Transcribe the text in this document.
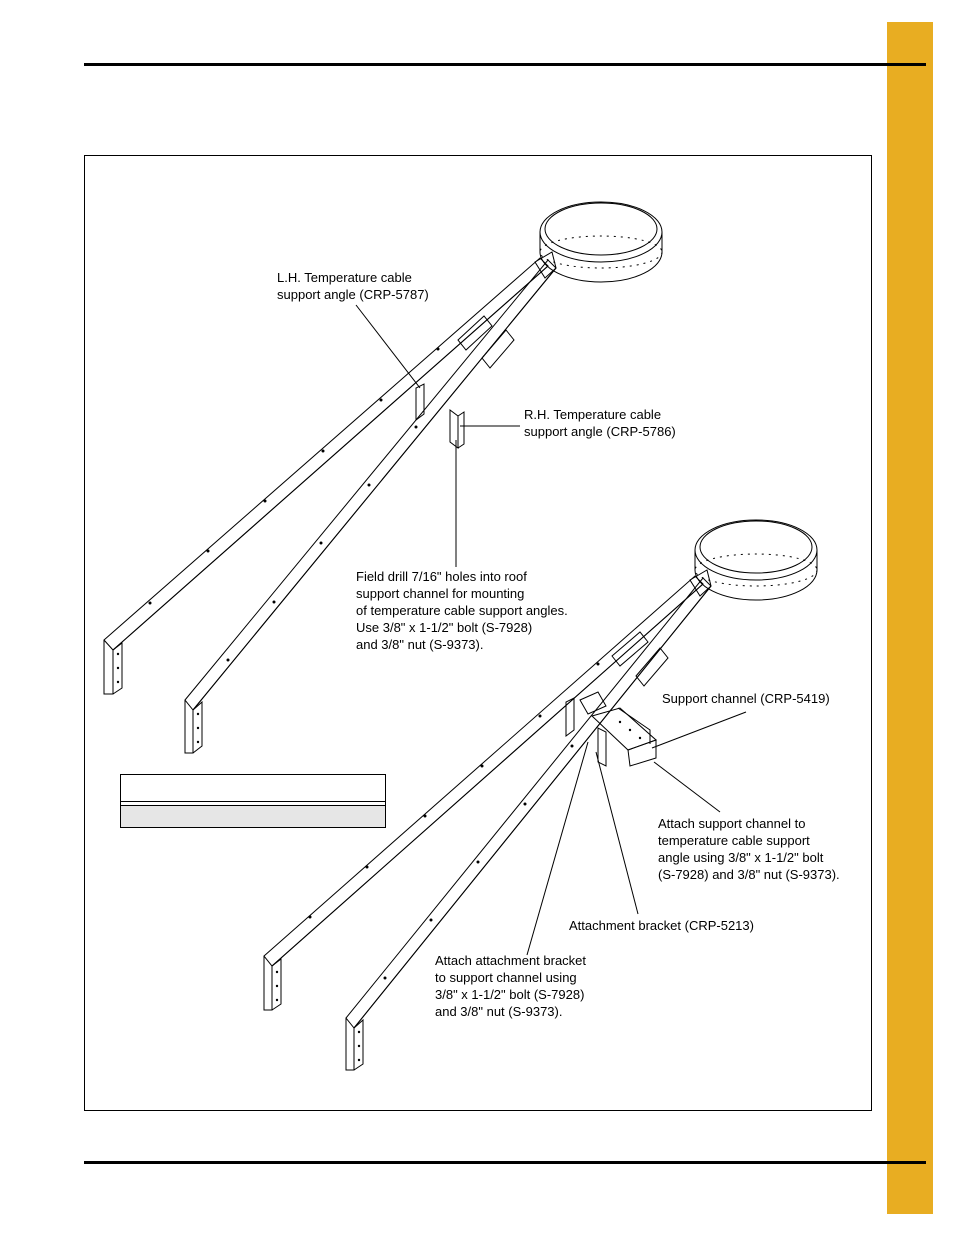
L.H. Temperature cable
support angle (CRP-5787)
R.H. Temperature cable
support angle (CRP-5786)
Field drill 7/16" holes into roof
support channel for mounting
of temperature cable support angles.
Use 3/8" x 1-1/2" bolt (S-7928)
and 3/8" nut (S-9373).
Support channel (CRP-5419)
Attach support channel to
temperature cable support
angle using 3/8" x 1-1/2" bolt
(S-7928) and 3/8" nut (S-9373).
Attachment bracket (CRP-5213)
Attach attachment bracket
to support channel using
3/8" x 1-1/2" bolt (S-7928)
and 3/8" nut (S-9373).
